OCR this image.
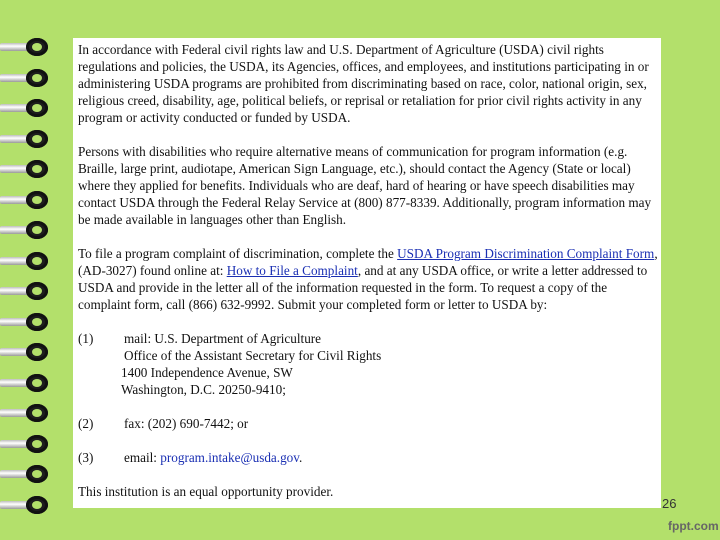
In accordance with Federal civil rights law and U.S. Department of Agriculture (USDA) civil rights regulations and policies, the USDA, its Agencies, offices, and employees, and institutions participating in or administering USDA programs are prohibited from discriminating based on race, color, national origin, sex, religious creed, disability, age, political beliefs, or reprisal or retaliation for prior civil rights activity in any program or activity conducted or funded by USDA.

Persons with disabilities who require alternative means of communication for program information (e.g. Braille, large print, audiotape, American Sign Language, etc.), should contact the Agency (State or local) where they applied for benefits. Individuals who are deaf, hard of hearing or have speech disabilities may contact USDA through the Federal Relay Service at (800) 877-8339. Additionally, program information may be made available in languages other than English.

To file a program complaint of discrimination, complete the USDA Program Discrimination Complaint Form, (AD-3027) found online at: How to File a Complaint, and at any USDA office, or write a letter addressed to USDA and provide in the letter all of the information requested in the form. To request a copy of the complaint form, call (866) 632-9992. Submit your completed form or letter to USDA by:

(1)	mail: U.S. Department of Agriculture
Office of the Assistant Secretary for Civil Rights
1400 Independence Avenue, SW
Washington, D.C. 20250-9410;
(2)	fax: (202) 690-7442; or
(3)	email: program.intake@usda.gov.

This institution is an equal opportunity provider.

26
fppt.com
